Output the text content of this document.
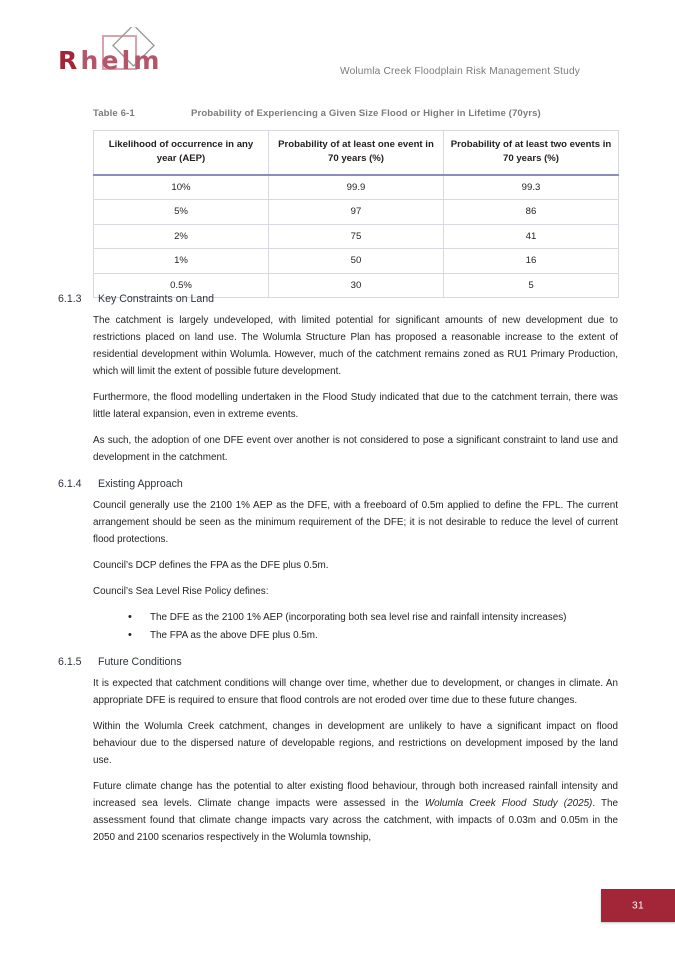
Rhelm	Wolumla Creek Floodplain Risk Management Study
Table 6-1	Probability of Experiencing a Given Size Flood or Higher in Lifetime (70yrs)
Likelihood of occurrence in any year (AEP)	Probability of at least one event in 70 years (%)	Probability of at least two events in 70 years (%)
10%	99.9	99.3
5%	97	86
2%	75	41
1%	50	16
0.5%	30	5
6.1.3	Key Constraints on Land

The catchment is largely undeveloped, with limited potential for significant amounts of new development due to restrictions placed on land use. The Wolumla Structure Plan has proposed a reasonable increase to the extent of residential development within Wolumla. However, much of the catchment remains zoned as RU1 Primary Production, which will limit the extent of possible future development.

Furthermore, the flood modelling undertaken in the Flood Study indicated that due to the catchment terrain, there was little lateral expansion, even in extreme events.

As such, the adoption of one DFE event over another is not considered to pose a significant constraint to land use and development in the catchment.

6.1.4	Existing Approach

Council generally use the 2100 1% AEP as the DFE, with a freeboard of 0.5m applied to define the FPL. The current arrangement should be seen as the minimum requirement of the DFE; it is not desirable to reduce the level of current flood protections.

Council’s DCP defines the FPA as the DFE plus 0.5m.

Council’s Sea Level Rise Policy defines:

• The DFE as the 2100 1% AEP (incorporating both sea level rise and rainfall intensity increases)
• The FPA as the above DFE plus 0.5m.
6.1.5	Future Conditions

It is expected that catchment conditions will change over time, whether due to development, or changes in climate. An appropriate DFE is required to ensure that flood controls are not eroded over time due to these future changes.

Within the Wolumla Creek catchment, changes in development are unlikely to have a significant impact on flood behaviour due to the dispersed nature of developable regions, and restrictions on development imposed by the land use.

Future climate change has the potential to alter existing flood behaviour, through both increased rainfall intensity and increased sea levels. Climate change impacts were assessed in the Wolumla Creek Flood Study (2025). The assessment found that climate change impacts vary across the catchment, with impacts of 0.03m and 0.05m in the 2050 and 2100 scenarios respectively in the Wolumla township,

31
